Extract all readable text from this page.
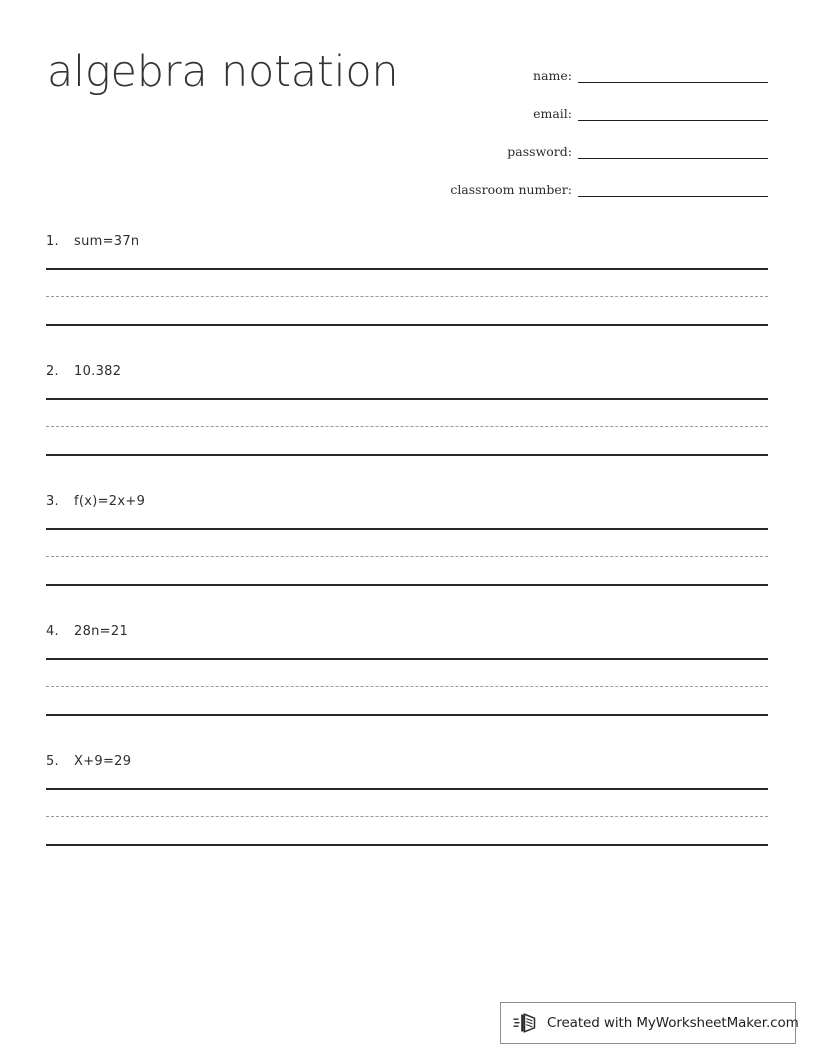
algebra notation	name:
email:
password:
classroom number:
1.	sum=37n
2.	10.382
3.	f(x)=2x+9
4.	28n=21
5.	X+9=29
Created with MyWorksheetMaker.com
